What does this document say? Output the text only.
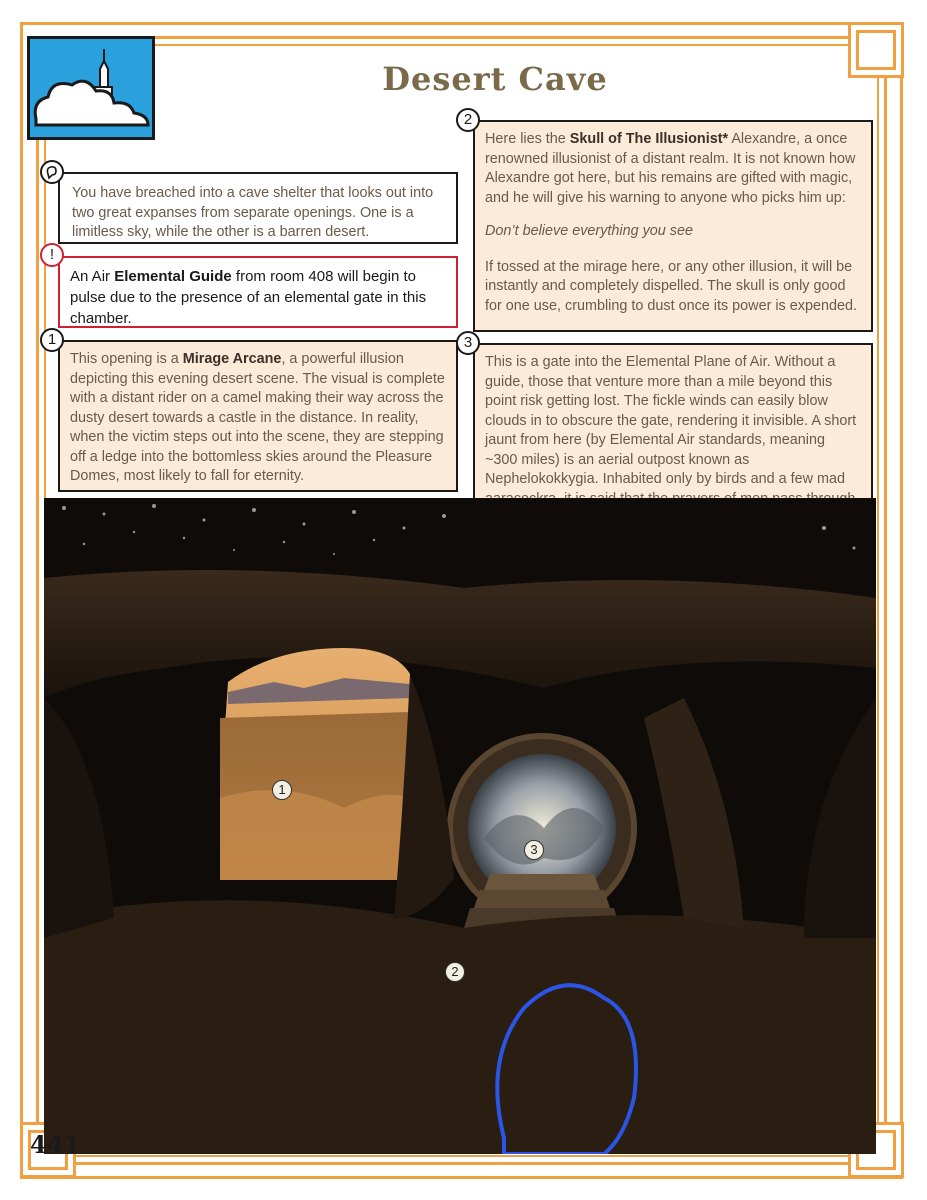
Desert Cave

You have breached into a cave shelter that looks out into two great expanses from separate openings. One is a limitless sky, while the other is a barren desert.

An Air Elemental Guide from room 408 will begin to pulse due to the presence of an elemental gate in this chamber.

!

This opening is a Mirage Arcane, a powerful illusion depicting this evening desert scene. The visual is complete with a distant rider on a camel making their way across the dusty desert towards a castle in the distance. In reality, when the victim steps out into the scene, they are stepping off a ledge into the bottomless skies around the Pleasure Domes, most likely to fall for eternity.

1

Here lies the Skull of The Illusionist* Alexandre, a once renowned illusionist of a distant realm. It is not known how Alexandre got here, but his remains are gifted with magic, and he will give his warning to anyone who picks him up:

Don’t believe everything you see

If tossed at the mirage here, or any other illusion, it will be instantly and completely dispelled. The skull is only good for one use, crumbling to dust once its power is expended.

2

This is a gate into the Elemental Plane of Air. Without a guide, those that venture more than a mile beyond this point risk getting lost. The fickle winds can easily blow clouds in to obscure the gate, rendering it invisible. A short jaunt from here (by Elemental Air standards, meaning ~300 miles) is an aerial outpost known as Nephelokokkygia. Inhabited only by birds and a few mad

3
1
2
3
441
